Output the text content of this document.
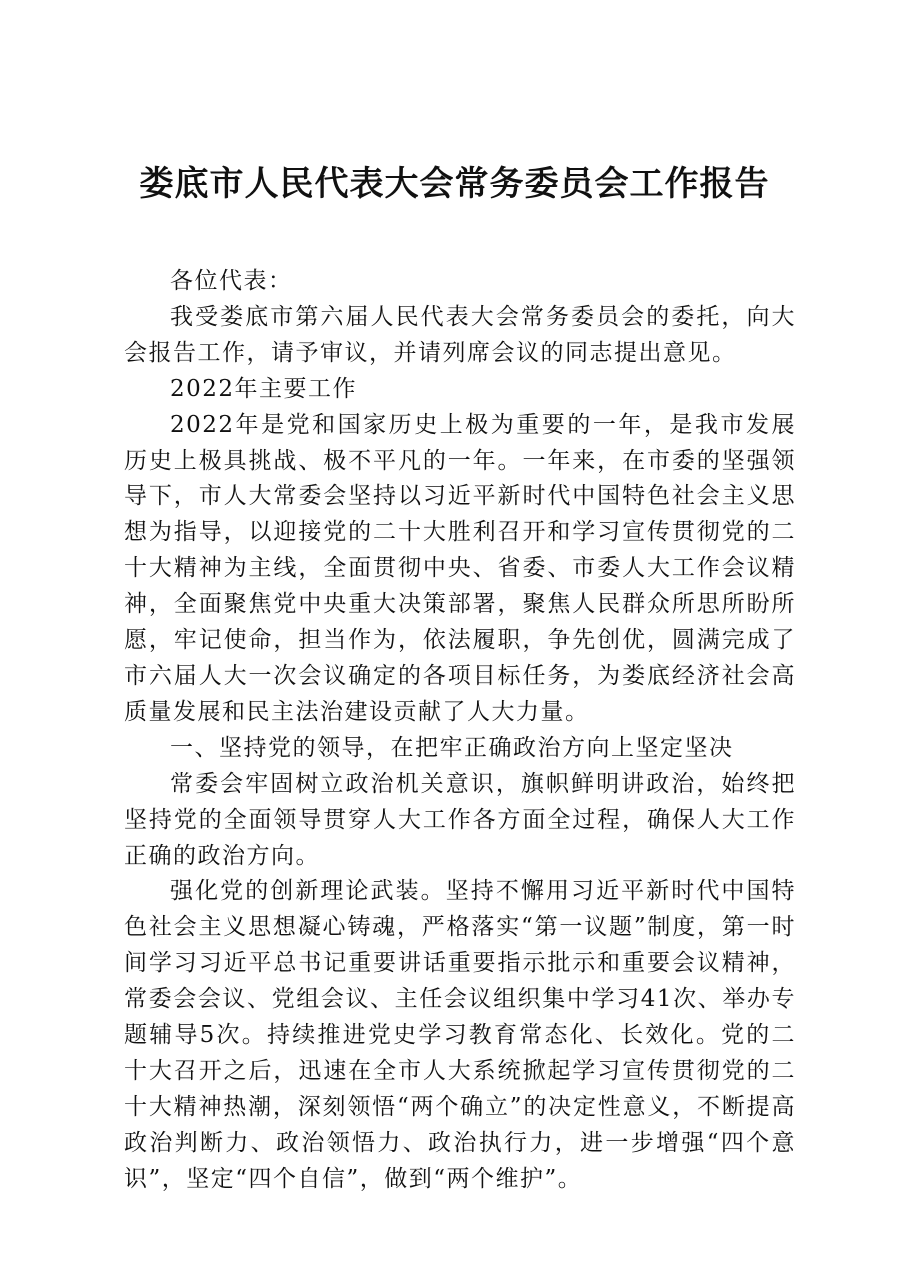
娄底市人民代表大会常务委员会工作报告

各位代表：

我受娄底市第六届人民代表大会常务委员会的委托，向大会报告工作，请予审议，并请列席会议的同志提出意见。

2022年主要工作

2022年是党和国家历史上极为重要的一年，是我市发展历史上极具挑战、极不平凡的一年。一年来，在市委的坚强领导下，市人大常委会坚持以习近平新时代中国特色社会主义思想为指导，以迎接党的二十大胜利召开和学习宣传贯彻党的二十大精神为主线，全面贯彻中央、省委、市委人大工作会议精神，全面聚焦党中央重大决策部署，聚焦人民群众所思所盼所愿，牢记使命，担当作为，依法履职，争先创优，圆满完成了市六届人大一次会议确定的各项目标任务，为娄底经济社会高质量发展和民主法治建设贡献了人大力量。

一、坚持党的领导，在把牢正确政治方向上坚定坚决

常委会牢固树立政治机关意识，旗帜鲜明讲政治，始终把坚持党的全面领导贯穿人大工作各方面全过程，确保人大工作正确的政治方向。

强化党的创新理论武装。坚持不懈用习近平新时代中国特色社会主义思想凝心铸魂，严格落实“第一议题”制度，第一时间学习习近平总书记重要讲话重要指示批示和重要会议精神，常委会会议、党组会议、主任会议组织集中学习41次、举办专题辅导5次。持续推进党史学习教育常态化、长效化。党的二十大召开之后，迅速在全市人大系统掀起学习宣传贯彻党的二十大精神热潮，深刻领悟“两个确立”的决定性意义，不断提高政治判断力、政治领悟力、政治执行力，进一步增强“四个意识”，坚定“四个自信”，做到“两个维护”。
